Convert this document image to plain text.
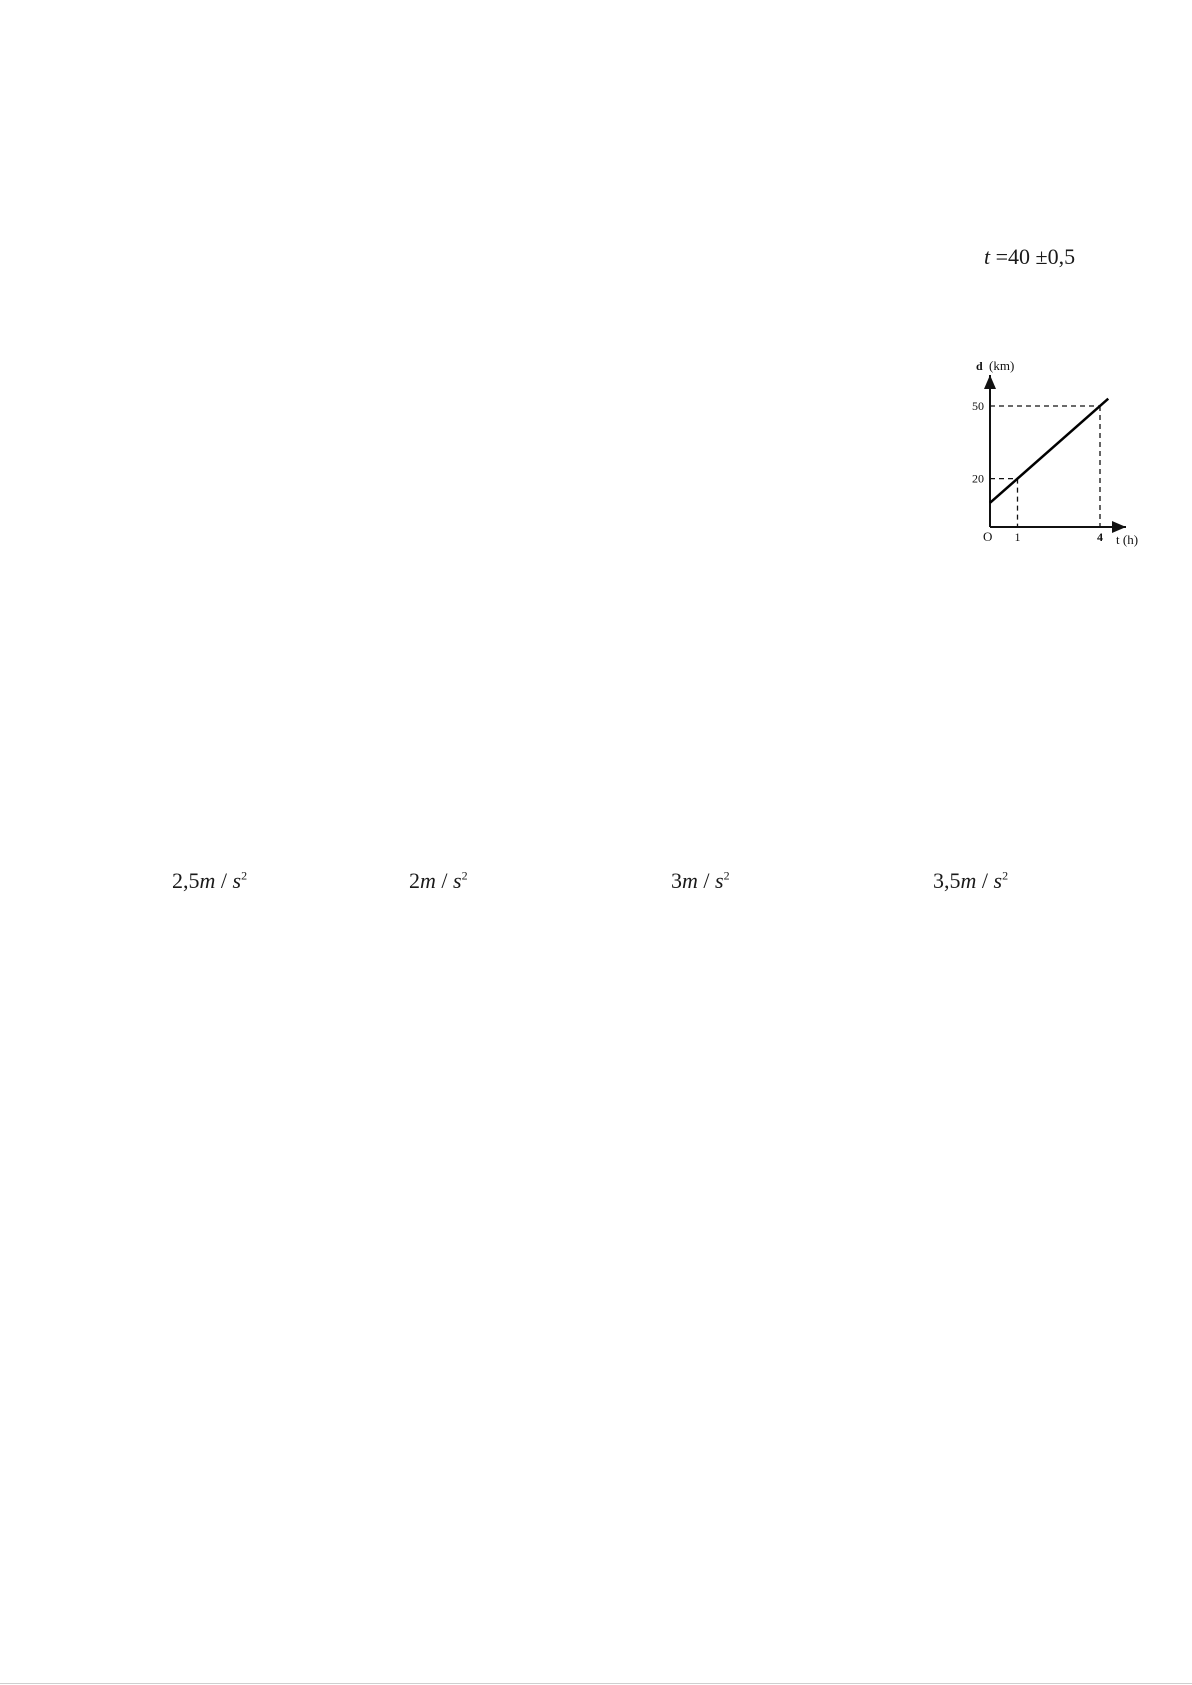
t =40 ±0,5
1	4
20
50
d (km)
O	t (h)
$2,5m / s^2$	$2m / s^2$	$3m / s^2$	$3,5m / s^2$
